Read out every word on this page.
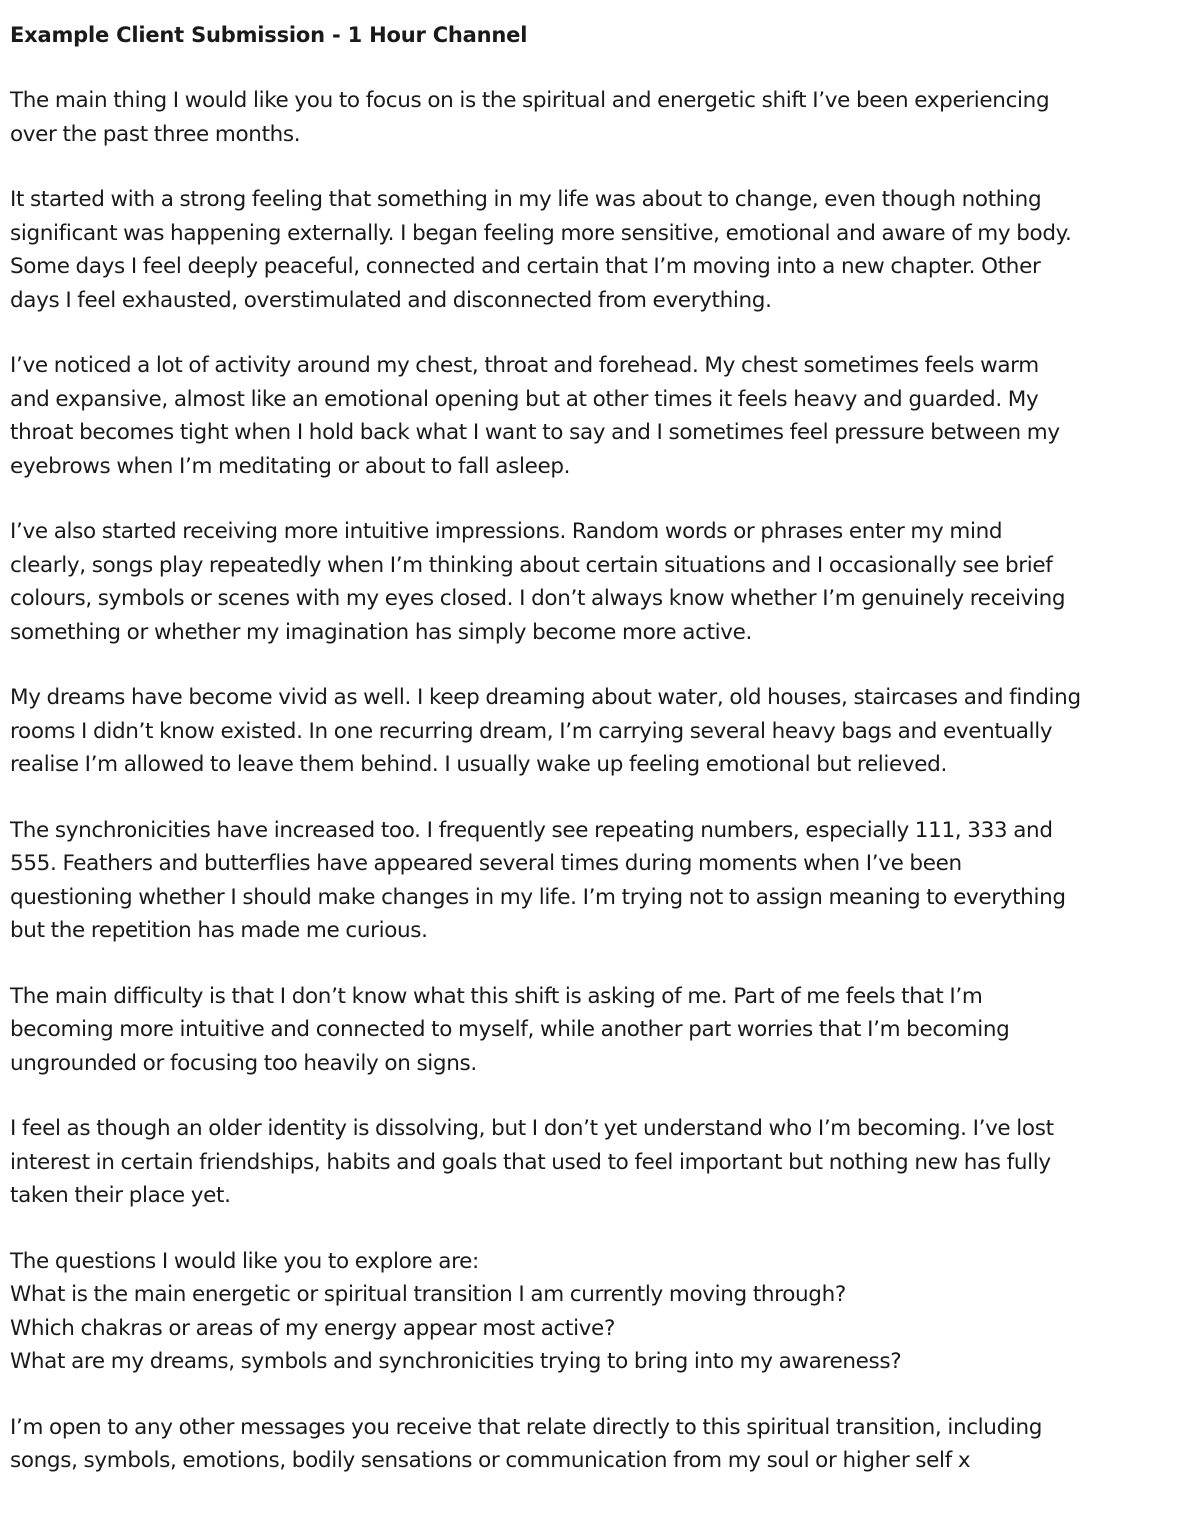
Example Client Submission - 1 Hour Channel
The main thing I would like you to focus on is the spiritual and energetic shift I’ve been experiencing
over the past three months.
It started with a strong feeling that something in my life was about to change, even though nothing
significant was happening externally. I began feeling more sensitive, emotional and aware of my body.
Some days I feel deeply peaceful, connected and certain that I’m moving into a new chapter. Other
days I feel exhausted, overstimulated and disconnected from everything.
I’ve noticed a lot of activity around my chest, throat and forehead. My chest sometimes feels warm
and expansive, almost like an emotional opening but at other times it feels heavy and guarded. My
throat becomes tight when I hold back what I want to say and I sometimes feel pressure between my
eyebrows when I’m meditating or about to fall asleep.
I’ve also started receiving more intuitive impressions. Random words or phrases enter my mind
clearly, songs play repeatedly when I’m thinking about certain situations and I occasionally see brief
colours, symbols or scenes with my eyes closed. I don’t always know whether I’m genuinely receiving
something or whether my imagination has simply become more active.
My dreams have become vivid as well. I keep dreaming about water, old houses, staircases and finding
rooms I didn’t know existed. In one recurring dream, I’m carrying several heavy bags and eventually
realise I’m allowed to leave them behind. I usually wake up feeling emotional but relieved.
The synchronicities have increased too. I frequently see repeating numbers, especially 111, 333 and
555. Feathers and butterflies have appeared several times during moments when I’ve been
questioning whether I should make changes in my life. I’m trying not to assign meaning to everything
but the repetition has made me curious.
The main difficulty is that I don’t know what this shift is asking of me. Part of me feels that I’m
becoming more intuitive and connected to myself, while another part worries that I’m becoming
ungrounded or focusing too heavily on signs.
I feel as though an older identity is dissolving, but I don’t yet understand who I’m becoming. I’ve lost
interest in certain friendships, habits and goals that used to feel important but nothing new has fully
taken their place yet.
The questions I would like you to explore are:
What is the main energetic or spiritual transition I am currently moving through?
Which chakras or areas of my energy appear most active?
What are my dreams, symbols and synchronicities trying to bring into my awareness?
I’m open to any other messages you receive that relate directly to this spiritual transition, including
songs, symbols, emotions, bodily sensations or communication from my soul or higher self x
